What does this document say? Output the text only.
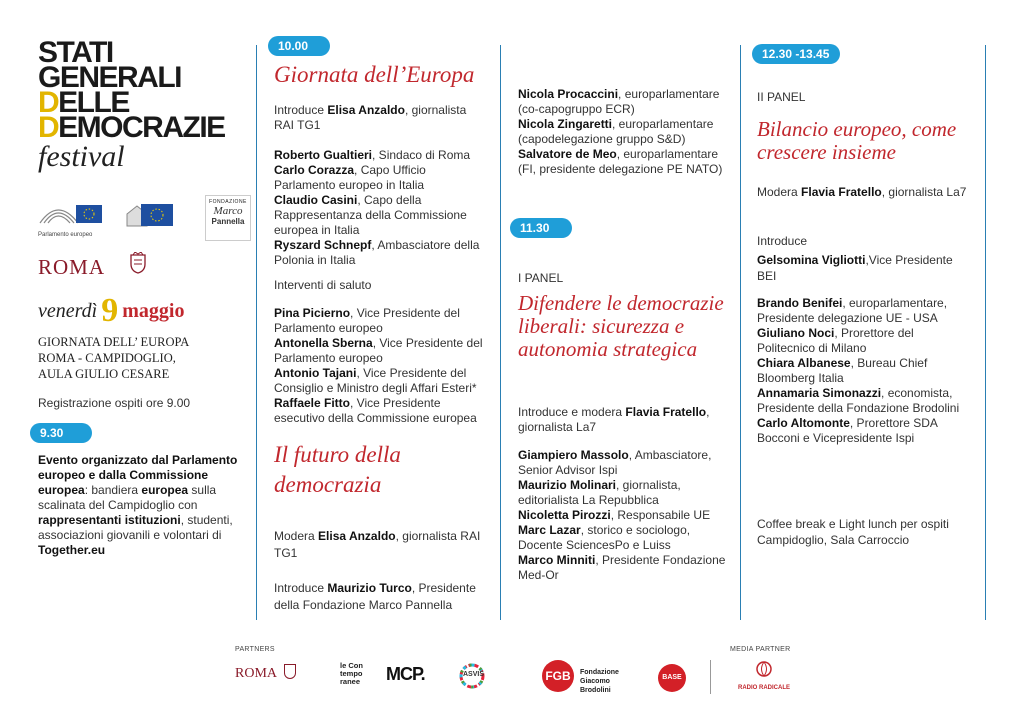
STATI
GENERALI
DELLE
DEMOCRAZIE
festival
Parlamento europeo
FONDAZIONE
Marco
Pannella
ROMA
venerdì 9 maggio
GIORNATA DELL’ EUROPA
ROMA - CAMPIDOGLIO,
AULA GIULIO CESARE
Registrazione ospiti ore 9.00
9.30
Evento organizzato dal Parlamento europeo e dalla Commissione europea: bandiera europea sulla scalinata del Campidoglio con rappresentanti istituzioni, studenti, associazioni giovanili e volontari di Together.eu
10.00
Giornata dell’Europa
Introduce Elisa Anzaldo, giornalista RAI TG1
Roberto Gualtieri, Sindaco di Roma
Carlo Corazza, Capo Ufficio Parlamento europeo in Italia
Claudio Casini, Capo della Rappresentanza della Commissione europea in Italia
Ryszard Schnepf, Ambasciatore della Polonia in Italia
Interventi di saluto
Pina Picierno, Vice Presidente del Parlamento europeo
Antonella Sberna, Vice Presidente del Parlamento europeo
Antonio Tajani, Vice Presidente del Consiglio e Ministro degli Affari Esteri*
Raffaele Fitto, Vice Presidente esecutivo della Commissione europea
Il futuro della democrazia
Modera Elisa Anzaldo, giornalista RAI TG1
Introduce Maurizio Turco, Presidente della Fondazione Marco Pannella
Nicola Procaccini, europarlamentare (co-capogruppo ECR)
Nicola Zingaretti, europarlamentare (capodelegazione gruppo S&D)
Salvatore de Meo, europarlamentare (FI, presidente delegazione PE NATO)
11.30
I PANEL
Difendere le democrazie liberali: sicurezza e autonomia strategica
Introduce e modera Flavia Fratello, giornalista La7
Giampiero Massolo, Ambasciatore, Senior Advisor Ispi
Maurizio Molinari, giornalista, editorialista La Repubblica
Nicoletta Pirozzi, Responsabile UE
Marc Lazar, storico e sociologo, Docente SciencesPo e Luiss
Marco Minniti, Presidente Fondazione Med-Or
12.30 -13.45
II PANEL
Bilancio europeo, come crescere insieme
Modera Flavia Fratello, giornalista La7
Introduce
Gelsomina Vigliotti,Vice Presidente BEI
Brando Benifei, europarlamentare, Presidente delegazione UE - USA
Giuliano Noci, Prorettore del Politecnico di Milano
Chiara Albanese, Bureau Chief Bloomberg Italia
Annamaria Simonazzi, economista, Presidente della Fondazione Brodolini
Carlo Altomonte, Prorettore SDA Bocconi e Vicepresidente Ispi
Coffee break e Light lunch per ospiti Campidoglio, Sala Carroccio
PARTNERS	MEDIA PARTNER
ROMA
le Con tempo ranee	MCP.	ASVIS	FGB	Fondazione Giacomo Brodolini
BASE
RADIO RADICALE
